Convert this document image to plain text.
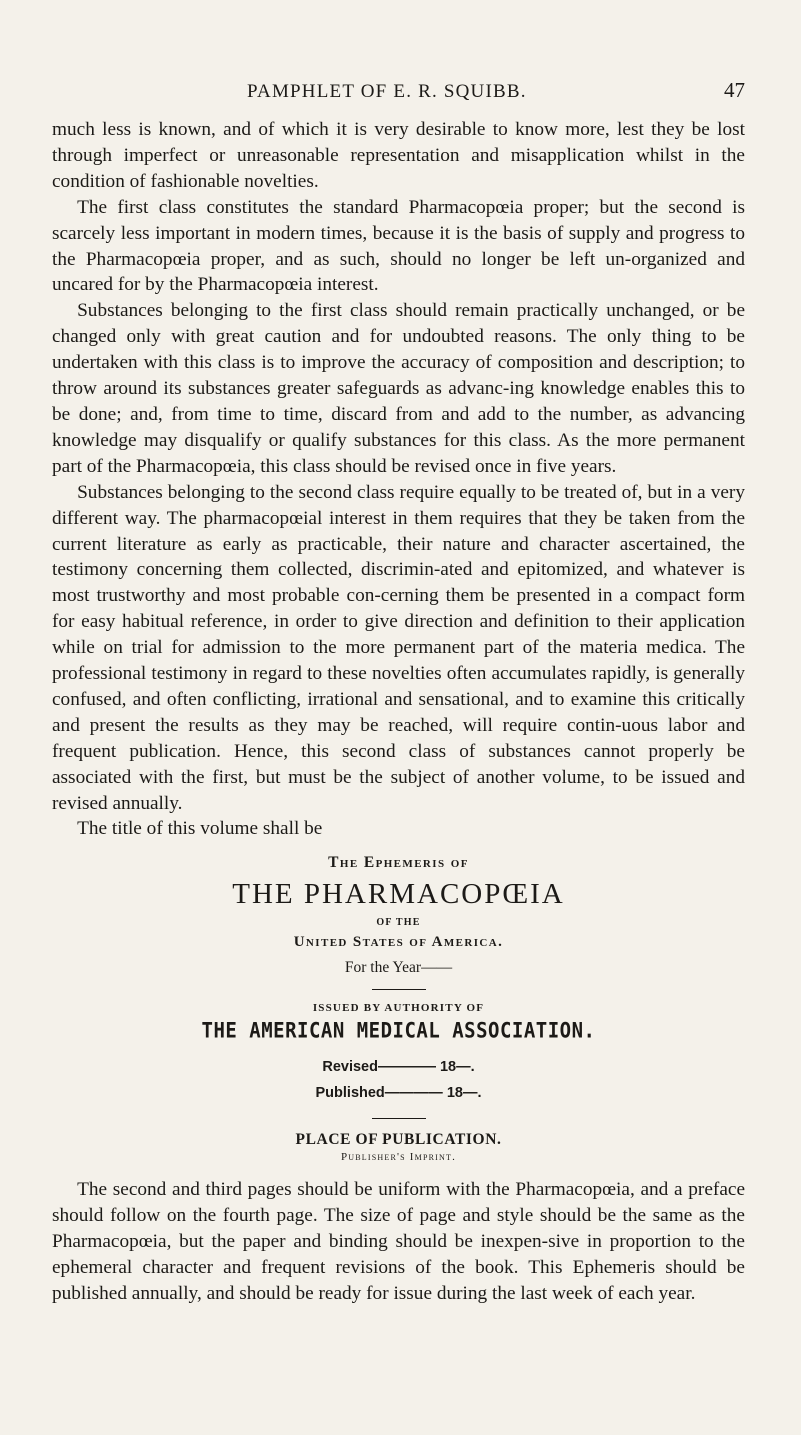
PAMPHLET OF E. R. SQUIBB.	47

much less is known, and of which it is very desirable to know more, lest they be lost through imperfect or unreasonable representation and misapplication whilst in the condition of fashionable novelties.

The first class constitutes the standard Pharmacopœia proper; but the second is scarcely less important in modern times, because it is the basis of supply and progress to the Pharmacopœia proper, and as such, should no longer be left un-organized and uncared for by the Pharmacopœia interest.

Substances belonging to the first class should remain practically unchanged, or be changed only with great caution and for undoubted reasons. The only thing to be undertaken with this class is to improve the accuracy of composition and description; to throw around its substances greater safeguards as advanc-ing knowledge enables this to be done; and, from time to time, discard from and add to the number, as advancing knowledge may disqualify or qualify substances for this class. As the more permanent part of the Pharmacopœia, this class should be revised once in five years.

Substances belonging to the second class require equally to be treated of, but in a very different way. The pharmacopœial interest in them requires that they be taken from the current literature as early as practicable, their nature and character ascertained, the testimony concerning them collected, discrimin-ated and epitomized, and whatever is most trustworthy and most probable con-cerning them be presented in a compact form for easy habitual reference, in order to give direction and definition to their application while on trial for admission to the more permanent part of the materia medica. The professional testimony in regard to these novelties often accumulates rapidly, is generally confused, and often conflicting, irrational and sensational, and to examine this critically and present the results as they may be reached, will require contin-uous labor and frequent publication. Hence, this second class of substances cannot properly be associated with the first, but must be the subject of another volume, to be issued and revised annually.

The title of this volume shall be

The Ephemeris of
THE PHARMACOPŒIA
OF THE
United States of America.
For the Year——
ISSUED BY AUTHORITY OF
THE AMERICAN MEDICAL ASSOCIATION.
Revised———— 18—.
Published———— 18—.
PLACE OF PUBLICATION.
Publisher's Imprint.

The second and third pages should be uniform with the Pharmacopœia, and a preface should follow on the fourth page. The size of page and style should be the same as the Pharmacopœia, but the paper and binding should be inexpen-sive in proportion to the ephemeral character and frequent revisions of the book. This Ephemeris should be published annually, and should be ready for issue during the last week of each year.
